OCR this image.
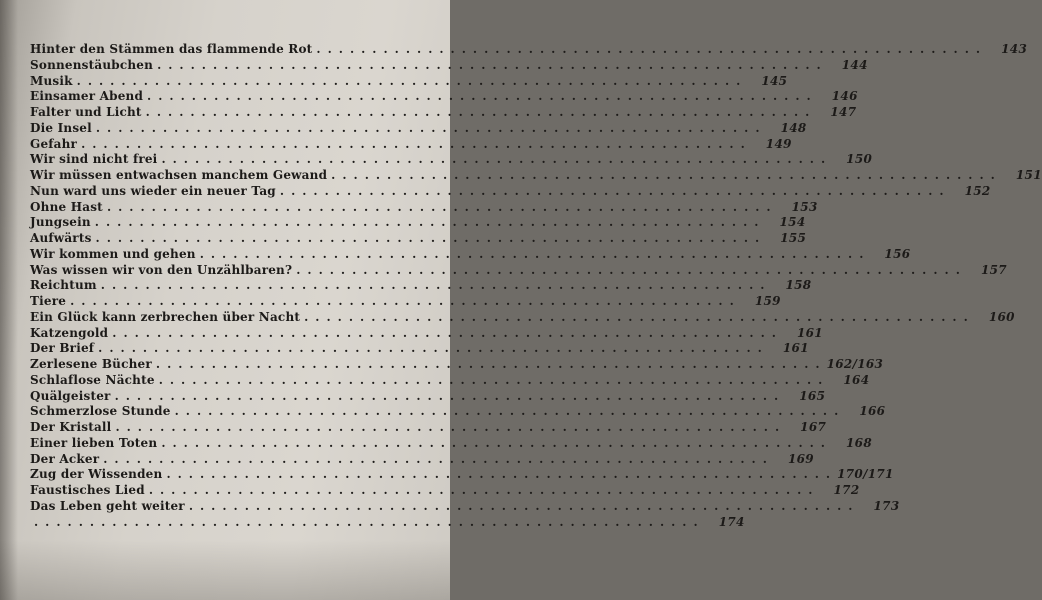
Hinter den Stämmen das flammende Rot ............................................................	143
Sonnenstäubchen ............................................................	144
Musik ............................................................	145
Einsamer Abend ............................................................	146
Falter und Licht ............................................................	147
Die Insel ............................................................	148
Gefahr ............................................................	149
Wir sind nicht frei ............................................................	150
Wir müssen entwachsen manchem Gewand ............................................................	151
Nun ward uns wieder ein neuer Tag ............................................................	152
Ohne Hast ............................................................	153
Jungsein ............................................................	154
Aufwärts ............................................................	155
Wir kommen und gehen ............................................................	156
Was wissen wir von den Unzählbaren? ............................................................	157
Reichtum ............................................................	158
Tiere ............................................................	159
Ein Glück kann zerbrechen über Nacht ............................................................	160
Katzengold ............................................................	161
Der Brief ............................................................	161
Zerlesene Bücher ............................................................ 162/163
Schlaflose Nächte ............................................................	164
Quälgeister ............................................................	165
Schmerzlose Stunde ............................................................	166
Der Kristall ............................................................	167
Einer lieben Toten ............................................................	168
Der Acker ............................................................	169
Zug der Wissenden ............................................................ 170/171
Faustisches Lied ............................................................	172
Das Leben geht weiter ............................................................	173
............................................................	174
